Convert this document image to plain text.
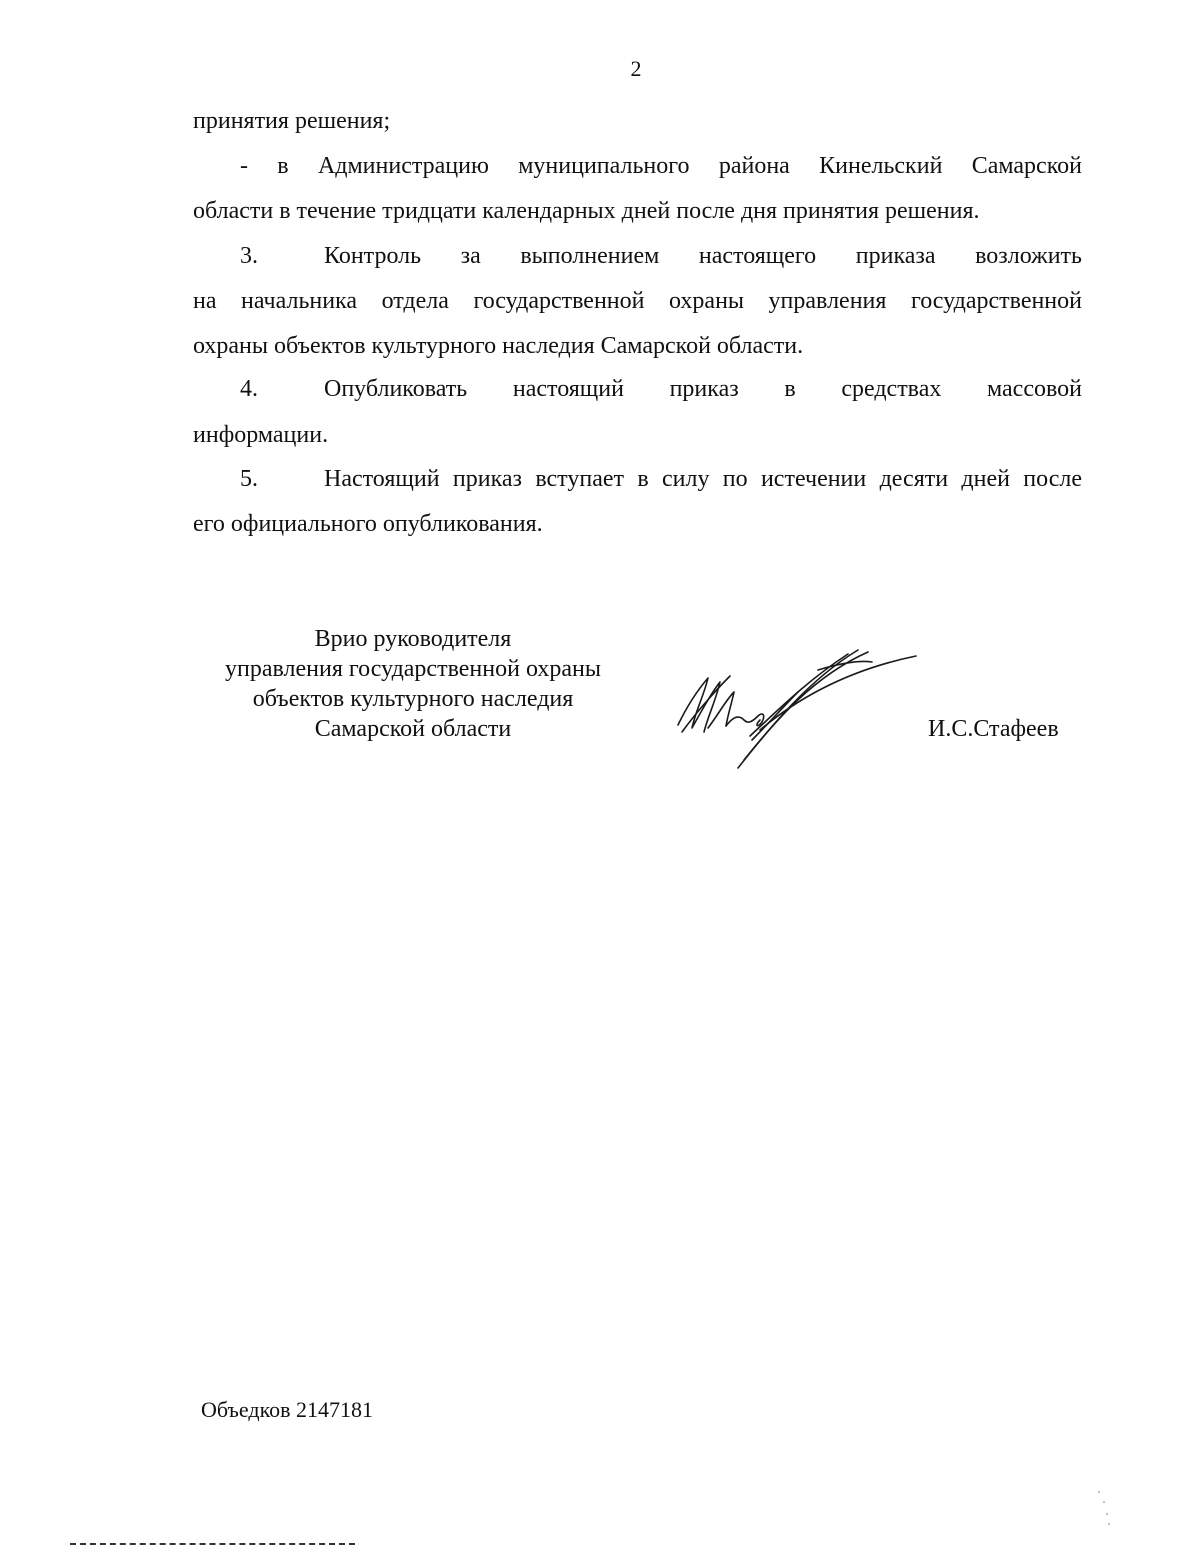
2
принятия решения;
- в Администрацию муниципального района Кинельский Самарской
области в течение тридцати календарных дней после дня принятия решения.
3.	Контроль за выполнением настоящего приказа возложить
на начальника отдела государственной охраны управления государственной
охраны объектов культурного наследия Самарской области.
4.	Опубликовать настоящий приказ в средствах массовой
информации.
5.	Настоящий приказ вступает в силу по истечении десяти дней после
его официального опубликования.
Врио руководителя
управления государственной охраны
объектов культурного наследия
Самарской области	И.С.Стафеев
Объедков 2147181
